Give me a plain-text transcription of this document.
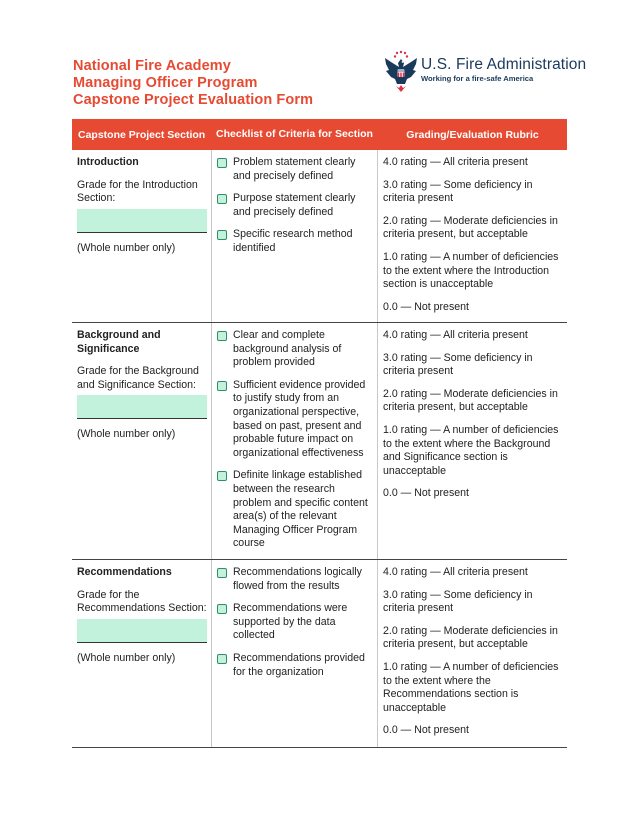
National Fire Academy
Managing Officer Program
Capstone Project Evaluation Form
U.S. Fire Administration
Working for a fire-safe America
Capstone Project Section	Checklist of Criteria for Section	Grading/Evaluation Rubric
Introduction
Grade for the Introduction Section:
(Whole number only)
Problem statement clearly and precisely defined
Purpose statement clearly and precisely defined
Specific research method identified
4.0 rating — All criteria present
3.0 rating — Some deficiency in criteria present
2.0 rating — Moderate deficiencies in criteria present, but acceptable
1.0 rating — A number of deficiencies to the extent where the Introduction section is unacceptable
0.0 — Not present
Background and Significance
Grade for the Background and Significance Section:
(Whole number only)
Clear and complete background analysis of problem provided
Sufficient evidence provided to justify study from an organizational perspective, based on past, present and probable future impact on organizational effectiveness
Definite linkage established between the research problem and specific content area(s) of the relevant Managing Officer Program course
4.0 rating — All criteria present
3.0 rating — Some deficiency in criteria present
2.0 rating — Moderate deficiencies in criteria present, but acceptable
1.0 rating — A number of deficiencies to the extent where the Background and Significance section is unacceptable
0.0 — Not present
Recommendations
Grade for the Recommendations Section:
(Whole number only)
Recommendations logically flowed from the results
Recommendations were supported by the data collected
Recommendations provided for the organization
4.0 rating — All criteria present
3.0 rating — Some deficiency in criteria present
2.0 rating — Moderate deficiencies in criteria present, but acceptable
1.0 rating — A number of deficiencies to the extent where the Recommendations section is unacceptable
0.0 — Not present
